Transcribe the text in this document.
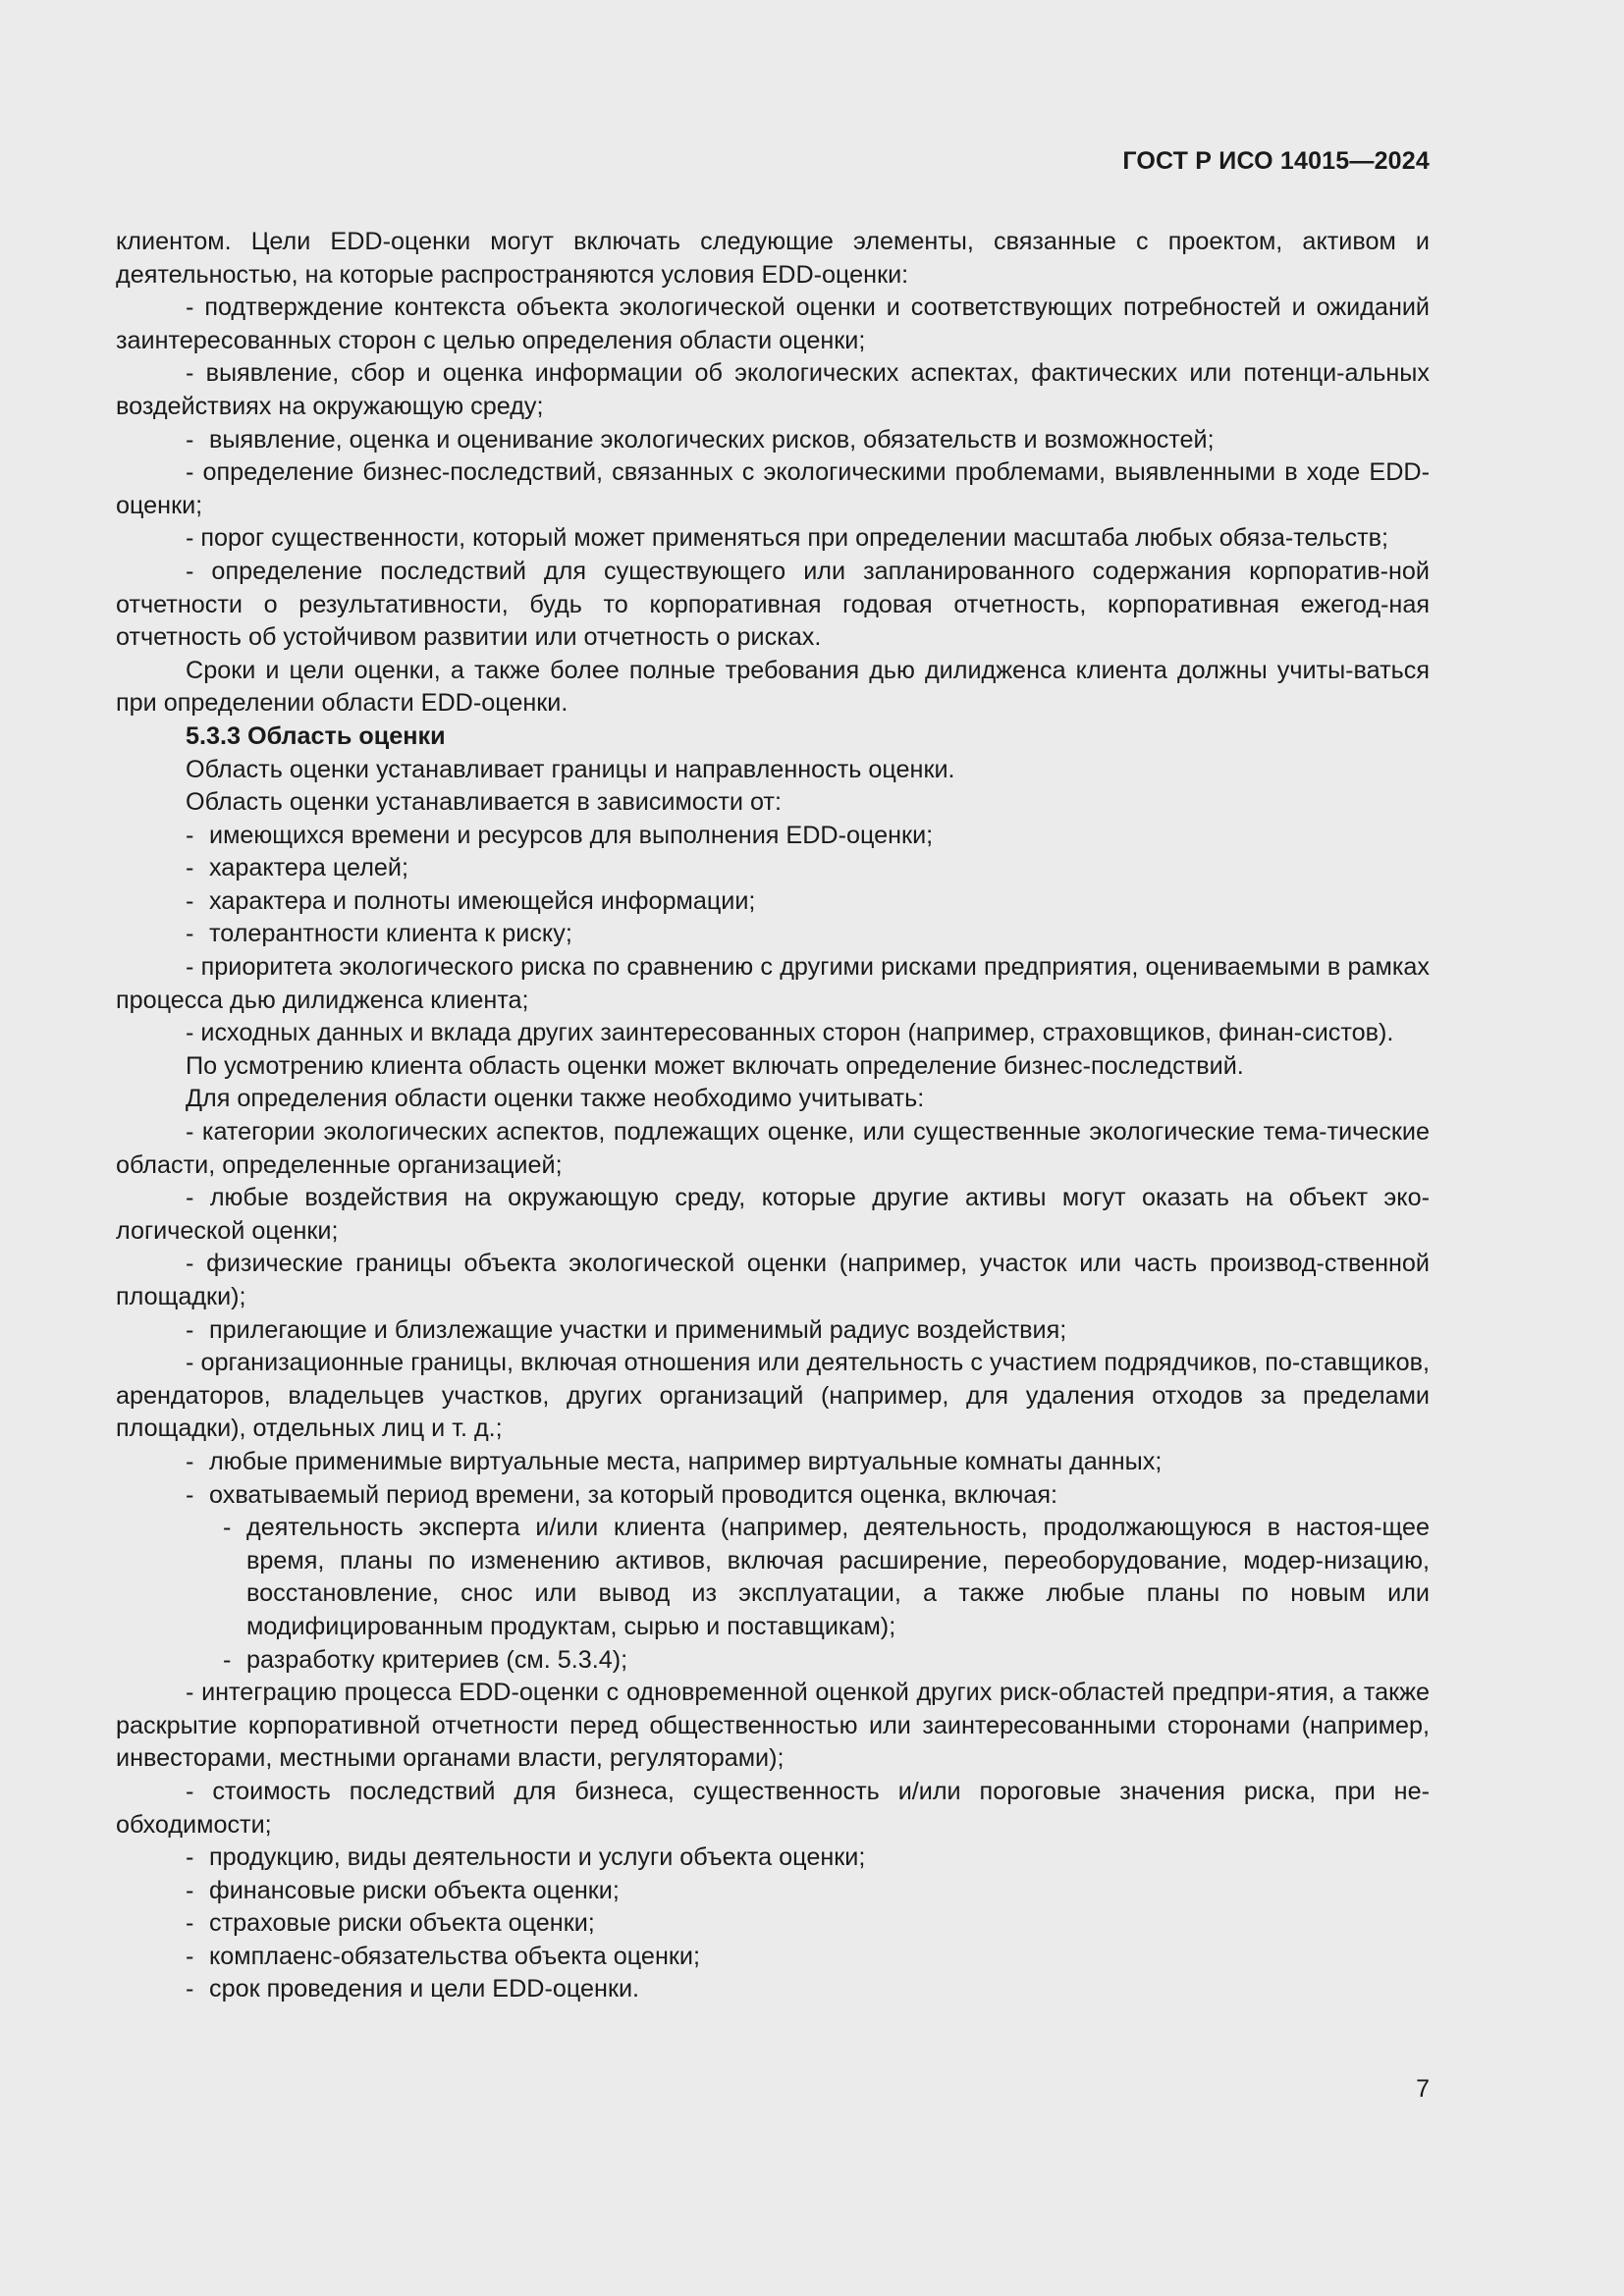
ГОСТ Р ИСО 14015—2024

клиентом. Цели EDD-оценки могут включать следующие элементы, связанные с проектом, активом и деятельностью, на которые распространяются условия EDD-оценки:

- подтверждение контекста объекта экологической оценки и соответствующих потребностей и ожиданий заинтересованных сторон с целью определения области оценки;

- выявление, сбор и оценка информации об экологических аспектах, фактических или потенци-альных воздействиях на окружающую среду;

- выявление, оценка и оценивание экологических рисков, обязательств и возможностей;

- определение бизнес-последствий, связанных с экологическими проблемами, выявленными в ходе EDD-оценки;

- порог существенности, который может применяться при определении масштаба любых обяза-тельств;

- определение последствий для существующего или запланированного содержания корпоратив-ной отчетности о результативности, будь то корпоративная годовая отчетность, корпоративная ежегод-ная отчетность об устойчивом развитии или отчетность о рисках.

Сроки и цели оценки, а также более полные требования дью дилидженса клиента должны учиты-ваться при определении области EDD-оценки.

5.3.3 Область оценки

Область оценки устанавливает границы и направленность оценки.

Область оценки устанавливается в зависимости от:

- имеющихся времени и ресурсов для выполнения EDD-оценки;
- характера целей;
- характера и полноты имеющейся информации;
- толерантности клиента к риску;

- приоритета экологического риска по сравнению с другими рисками предприятия, оцениваемыми в рамках процесса дью дилидженса клиента;

- исходных данных и вклада других заинтересованных сторон (например, страховщиков, финан-систов).

По усмотрению клиента область оценки может включать определение бизнес-последствий.

Для определения области оценки также необходимо учитывать:

- категории экологических аспектов, подлежащих оценке, или существенные экологические тема-тические области, определенные организацией;

- любые воздействия на окружающую среду, которые другие активы могут оказать на объект эко-логической оценки;

- физические границы объекта экологической оценки (например, участок или часть производ-ственной площадки);

- прилегающие и близлежащие участки и применимый радиус воздействия;

- организационные границы, включая отношения или деятельность с участием подрядчиков, по-ставщиков, арендаторов, владельцев участков, других организаций (например, для удаления отходов за пределами площадки), отдельных лиц и т. д.;

- любые применимые виртуальные места, например виртуальные комнаты данных;
- охватываемый период времени, за который проводится оценка, включая:
- деятельность эксперта и/или клиента (например, деятельность, продолжающуюся в настоя-щее время, планы по изменению активов, включая расширение, переоборудование, модер-низацию, восстановление, снос или вывод из эксплуатации, а также любые планы по новым или модифицированным продуктам, сырью и поставщикам);
- разработку критериев (см. 5.3.4);

- интеграцию процесса EDD-оценки с одновременной оценкой других риск-областей предпри-ятия, а также раскрытие корпоративной отчетности перед общественностью или заинтересованными сторонами (например, инвесторами, местными органами власти, регуляторами);

- стоимость последствий для бизнеса, существенность и/или пороговые значения риска, при не-обходимости;

- продукцию, виды деятельности и услуги объекта оценки;
- финансовые риски объекта оценки;
- страховые риски объекта оценки;
- комплаенс-обязательства объекта оценки;
- срок проведения и цели EDD-оценки.
7
